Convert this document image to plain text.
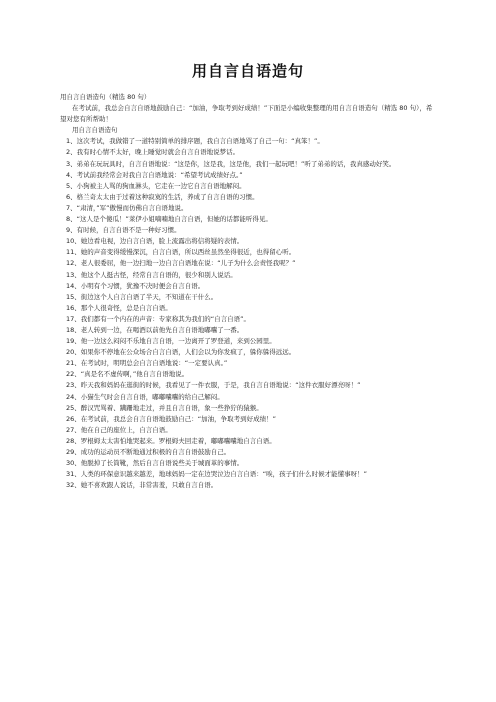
用自言自语造句

用自言自语造句（精选 80 句）

在考试前，我总会自言自语地鼓励自己：“加油，争取考到好成绩！”下面是小编收集整理的用自言自语造句（精选 80 句），希望对您有所帮助！

用自言自语造句

1、这次考试，我做错了一道特别简单的排序题，我自言自语地骂了自己一句：“真笨！”。

2、我有时心情不太好，晚上睡觉时就会自言自语地说梦话。

3、弟弟在玩玩具时，自言自语地说：“这是你，这是我，这是他，我们一起玩吧！”听了弟弟的话，我真感动好笑。

4、考试前我经常会对我自言自语地说：“希望考试成绩好点。”

5、小狗被主人骂的狗血淋头，它走在一边它自言自语地解闷。

6、格兰奇太太由于过着这种寂寞的生活，养成了自言自语的习惯。

7、“肃清，”军”傲慢而仿佛自言自语地说。

8、“这人是个傻瓜！”莱伊小姐喃喃地自言自语，但她的话都能听得见。

9、有时候，自言自语不是一种好习惯。

10、她边看电视，边自言自语，脸上流露出将信将疑的表情。

11、她的声音变得缓慢深沉，自言自语，所以西丝虽然坐得很近，也得留心听。

12、老人很委屈，他一边扫地一边自言自语地在说：“儿子为什么会责怪我呢？”

13、他这个人挺古怪，经常自言自语的，很少和别人说话。

14、小明有个习惯，犹豫不决时便会自言自语。

15、街边这个人自言自语了半天，不知道在干什么。

16、那个人很奇怪，总是自言自语。

17、我们都有一个内在的声音：专家称其为我们的“自言自语”。

18、老人转到一边，在喝酒以前他先自言自语地嘟囔了一番。

19、他一边这么闷闷不乐地自言自语，一边离开了罗登道，来到公园里。

20、如果你不停地在公众场合自言自语，人们会以为你发疯了，躲你躲得远远。

21、在考试时，明明总会自言自语地说：“一定要认真。”

22、“真是名不虚传啊，”他自言自语地说。

23、昨天我和妈妈在逛街的时候，我看见了一件衣服，于是，我自言自语地说：“这件衣服好漂亮呀！”

24、小猫生气时会自言自语，嘟嘟囔囔的给自己解闷。

25、醉汉咒骂着、蹒跚地走过，并且自言自语，象一些狰狞的猿猴。

26、在考试前，我总会自言自语地鼓励自己：“加油，争取考到好成绩！”

27、他在自己的座位上，自言自语。

28、罗根姆太太害怕地哭起来。罗根姆夫回走着，嘟嘟囔囔地自言自语。

29、成功的运动员不断地通过积极的自言自语鼓励自己。

30、他脱掉了长筒靴，然后自言自语说些关于城面革的事情。

31、人类的环保意识越来越差，地球妈妈一定在边哭泣边自言自语：“唉，孩子们什么时候才能懂事呀！”

32、她不喜欢跟人说话，非常害羞，只敢自言自语。
